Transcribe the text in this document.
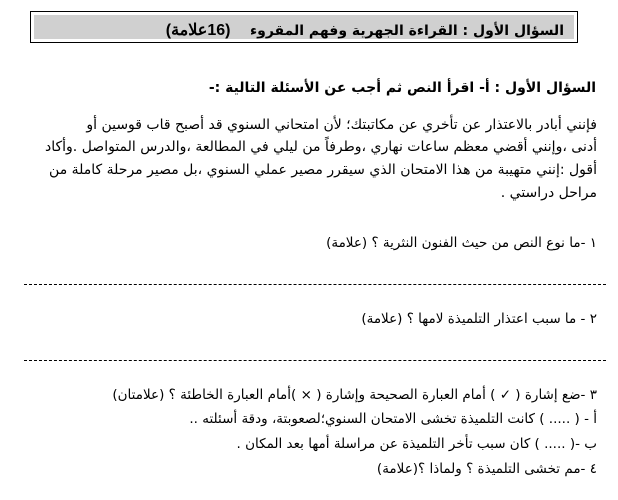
السؤال الأول : القراءة الجهرية وفهم المقروء    (16علامة)
السؤال الأول : أ- اقرأ النص ثم أجب عن الأسئلة التالية :-
فإنني أبادر بالاعتذار عن تأخري عن مكاتبتك؛ لأن امتحاني السنوي قد أصبح قاب قوسين أو
أدنى ،وإنني أقضي معظم ساعات نهاري ،وطرفاً من ليلي في المطالعة ،والدرس المتواصل .وأكاد
أقول :إنني متهيبة من هذا الامتحان الذي سيقرر مصير عملي السنوي ،بل مصير مرحلة كاملة من
مراحل دراستي .
١ -ما نوع النص من حيث الفنون النثرية ؟ (علامة)
٢ - ما سبب اعتذار التلميذة لامها ؟ (علامة)
٣ -ضع إشارة ( ✓ ) أمام العبارة الصحيحة وإشارة ( × )أمام العبارة الخاطئة ؟ (علامتان)
أ - ( ..... ) كانت التلميذة تخشى الامتحان السنوي؛لصعوبتة، ودقة أسئلته ..
ب -( ..... ) كان سبب تأخر التلميذة عن مراسلة أمها بعد المكان .
٤ -مم تخشى التلميذة ؟ ولماذا ؟(علامة)
